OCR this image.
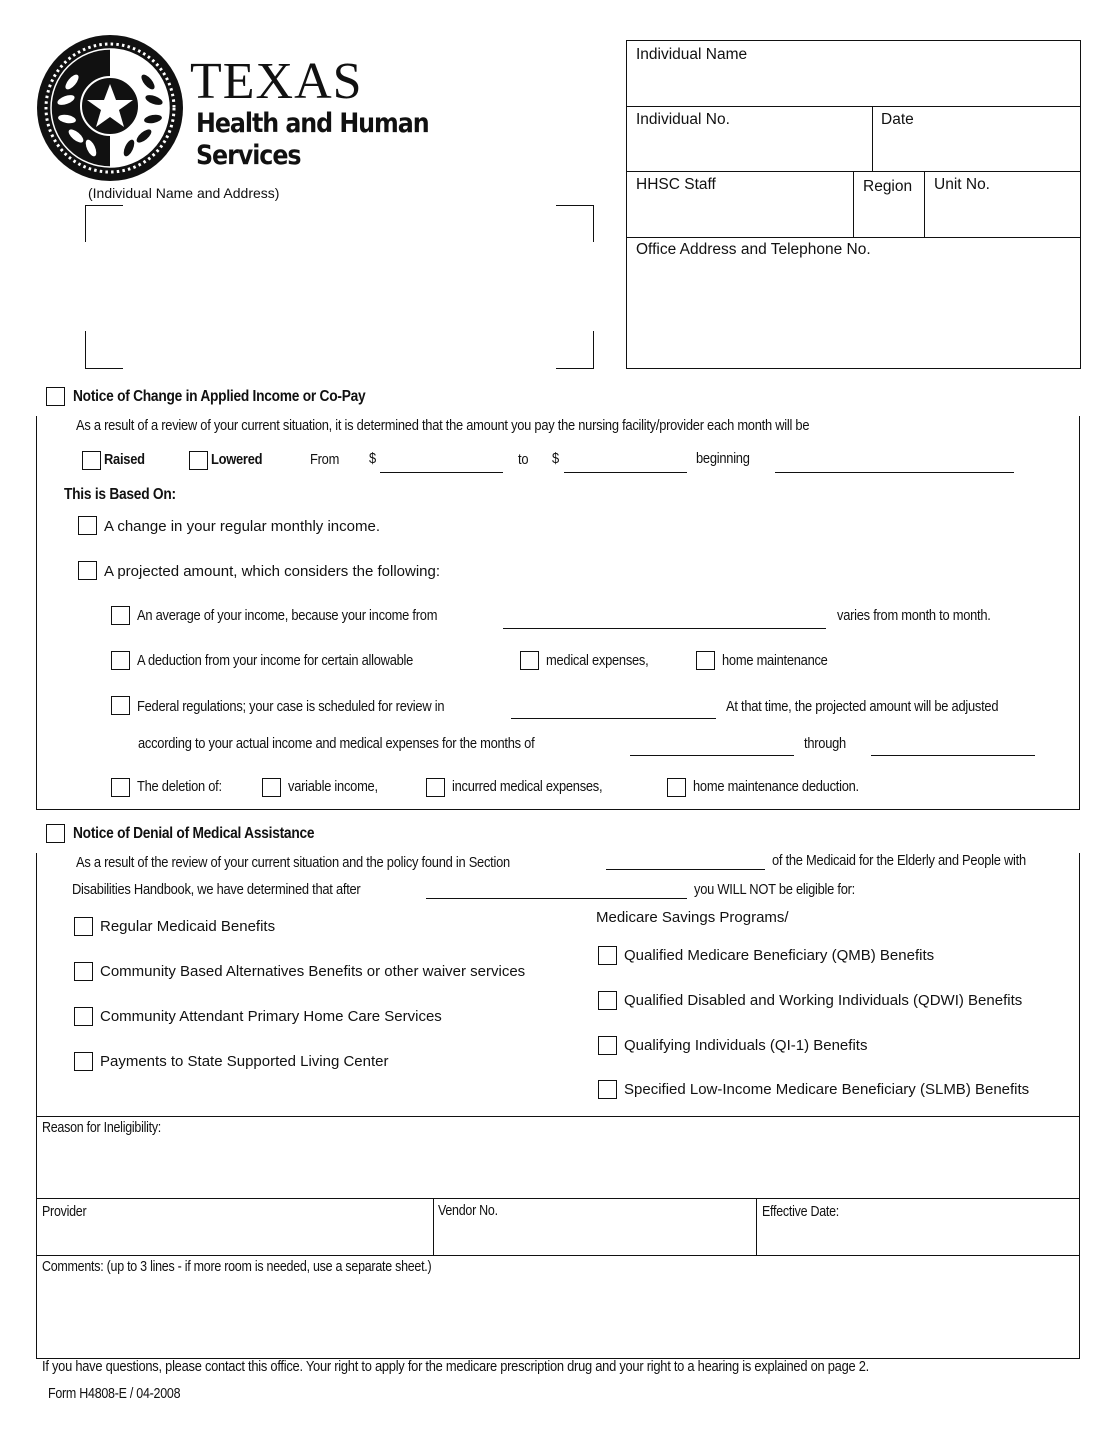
TEXAS
Health and Human
Services
(Individual Name and Address)
Individual Name
Individual No.	Date
HHSC Staff	Region Unit No.
Office Address and Telephone No.
Notice of Change in Applied Income or Co-Pay
As a result of a review of your current situation, it is determined that the amount you pay the nursing facility/provider each month will be
Raised	Lowered	From $	to $	beginning
This is Based On:
A change in your regular monthly income.
A projected amount, which considers the following:
An average of your income, because your income from	varies from month to month.
A deduction from your income for certain allowable	medical expenses,	home maintenance
Federal regulations; your case is scheduled for review in	At that time, the projected amount will be adjusted
according to your actual income and medical expenses for the months of	through
The deletion of:	variable income,	incurred medical expenses,	home maintenance deduction.
Notice of Denial of Medical Assistance
As a result of the review of your current situation and the policy found in Section	of the Medicaid for the Elderly and People with
Disabilities Handbook, we have determined that after	you WILL NOT be eligible for:
Regular Medicaid Benefits
Community Based Alternatives Benefits or other waiver services
Community Attendant Primary Home Care Services
Payments to State Supported Living Center
Medicare Savings Programs/
Qualified Medicare Beneficiary (QMB) Benefits
Qualified Disabled and Working Individuals (QDWI) Benefits
Qualifying Individuals (QI-1) Benefits
Specified Low-Income Medicare Beneficiary (SLMB) Benefits
Reason for Ineligibility:
Provider	Vendor No.	Effective Date:
Comments: (up to 3 lines - if more room is needed, use a separate sheet.)
If you have questions, please contact this office. Your right to apply for the medicare prescription drug and your right to a hearing is explained on page 2.
Form H4808-E / 04-2008
